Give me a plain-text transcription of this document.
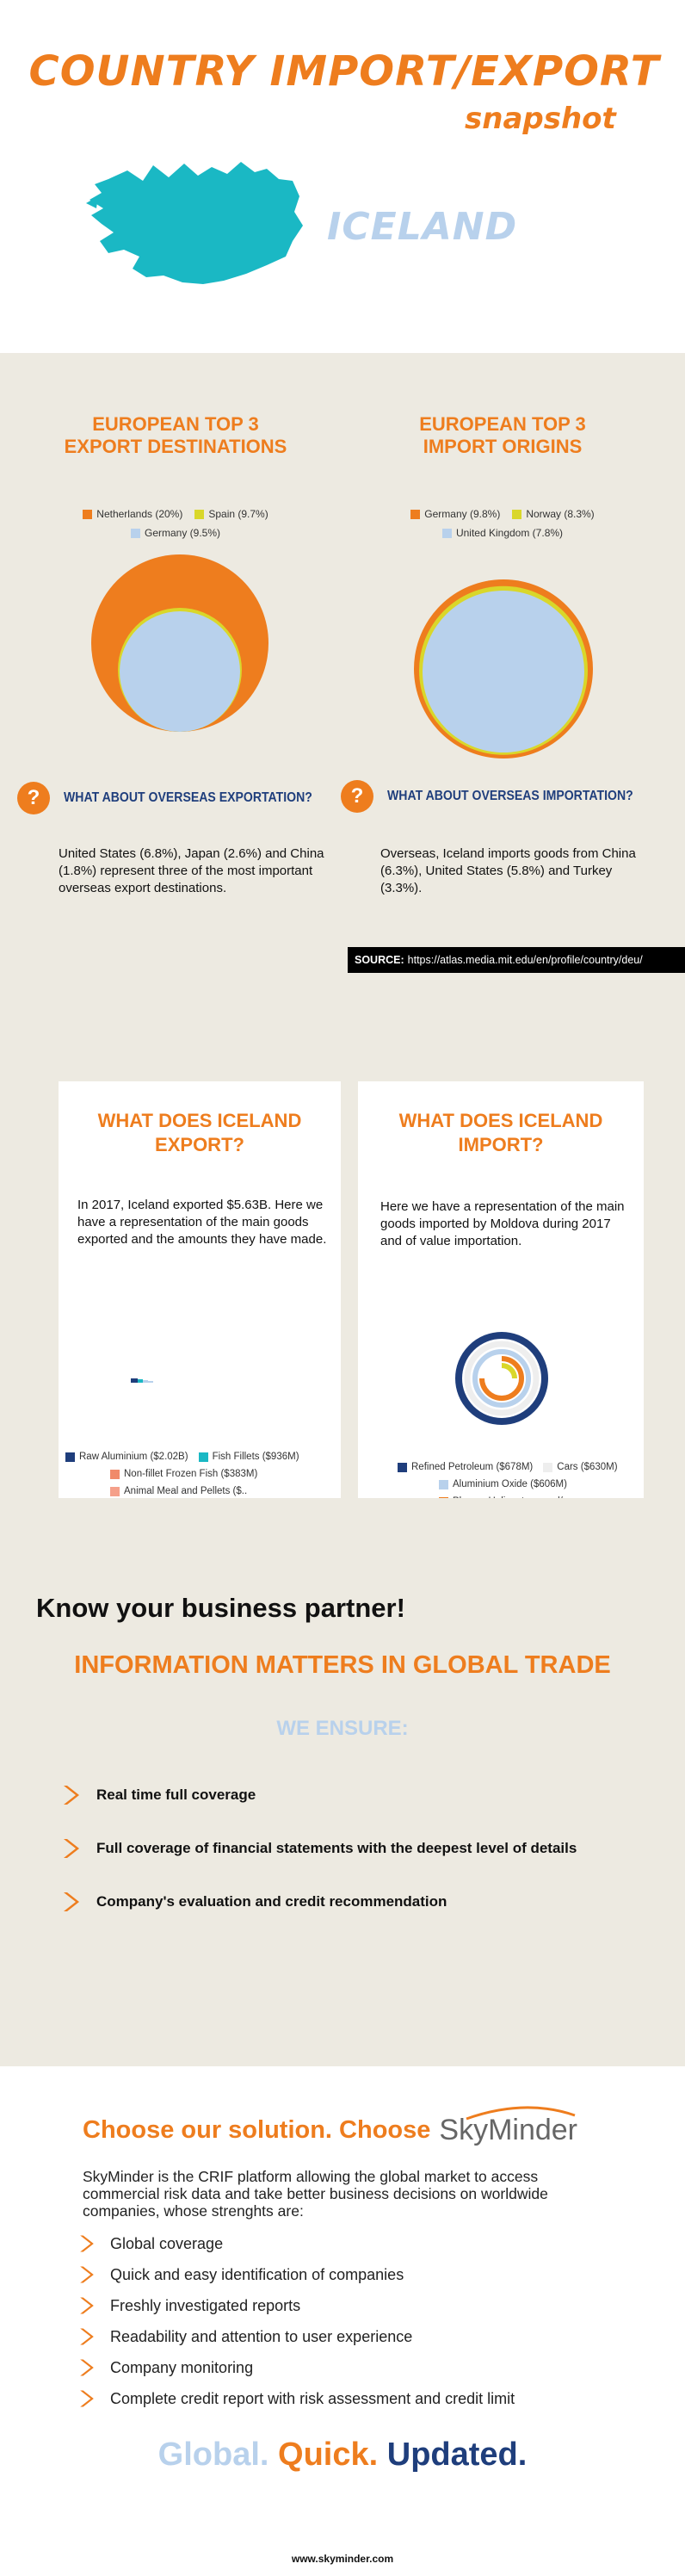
COUNTRY IMPORT/EXPORT
snapshot
ICELAND
EUROPEAN TOP 3
EXPORT DESTINATIONS
Netherlands (20%)	Spain (9.7%)
Germany (9.5%)
EUROPEAN TOP 3
IMPORT ORIGINS
Germany (9.8%)	Norway (8.3%)
United Kingdom (7.8%)
?	WHAT ABOUT OVERSEAS EXPORTATION?	?	WHAT ABOUT OVERSEAS IMPORTATION?
United States (6.8%), Japan (2.6%) and China (1.8%) represent three of the most important overseas export destinations.
Overseas, Iceland imports goods from China (6.3%), United States (5.8%) and Turkey (3.3%).
SOURCE: https://atlas.media.mit.edu/en/profile/country/deu/
WHAT DOES ICELAND
EXPORT?
In 2017, Iceland exported $5.63B. Here we have a representation of the main goods exported and the amounts they have made.
Raw Aluminium ($2.02B) Fish Fillets ($936M)
Non-fillet Frozen Fish ($383M)
Animal Meal and Pellets ($..
WHAT DOES ICELAND
IMPORT?
Here we have a representation of the main goods imported by Moldova during 2017 and of value importation.
Refined Petroleum ($678M) Cars ($630M)
Aluminium Oxide ($606M)
Know your business partner!
INFORMATION MATTERS IN GLOBAL TRADE
WE ENSURE:
Real time full coverage
Full coverage of financial statements with the deepest level of details
Company's evaluation and credit recommendation
Choose our solution. Choose SkyMinder
SkyMinder is the CRIF platform allowing the global market to access commercial risk data and take better business decisions on worldwide companies, whose strenghts are:
Global coverage
Quick and easy identification of companies
Freshly investigated reports
Readability and attention to user experience
Company monitoring
Complete credit report with risk assessment and credit limit
Global. Quick. Updated.
www.skyminder.com
